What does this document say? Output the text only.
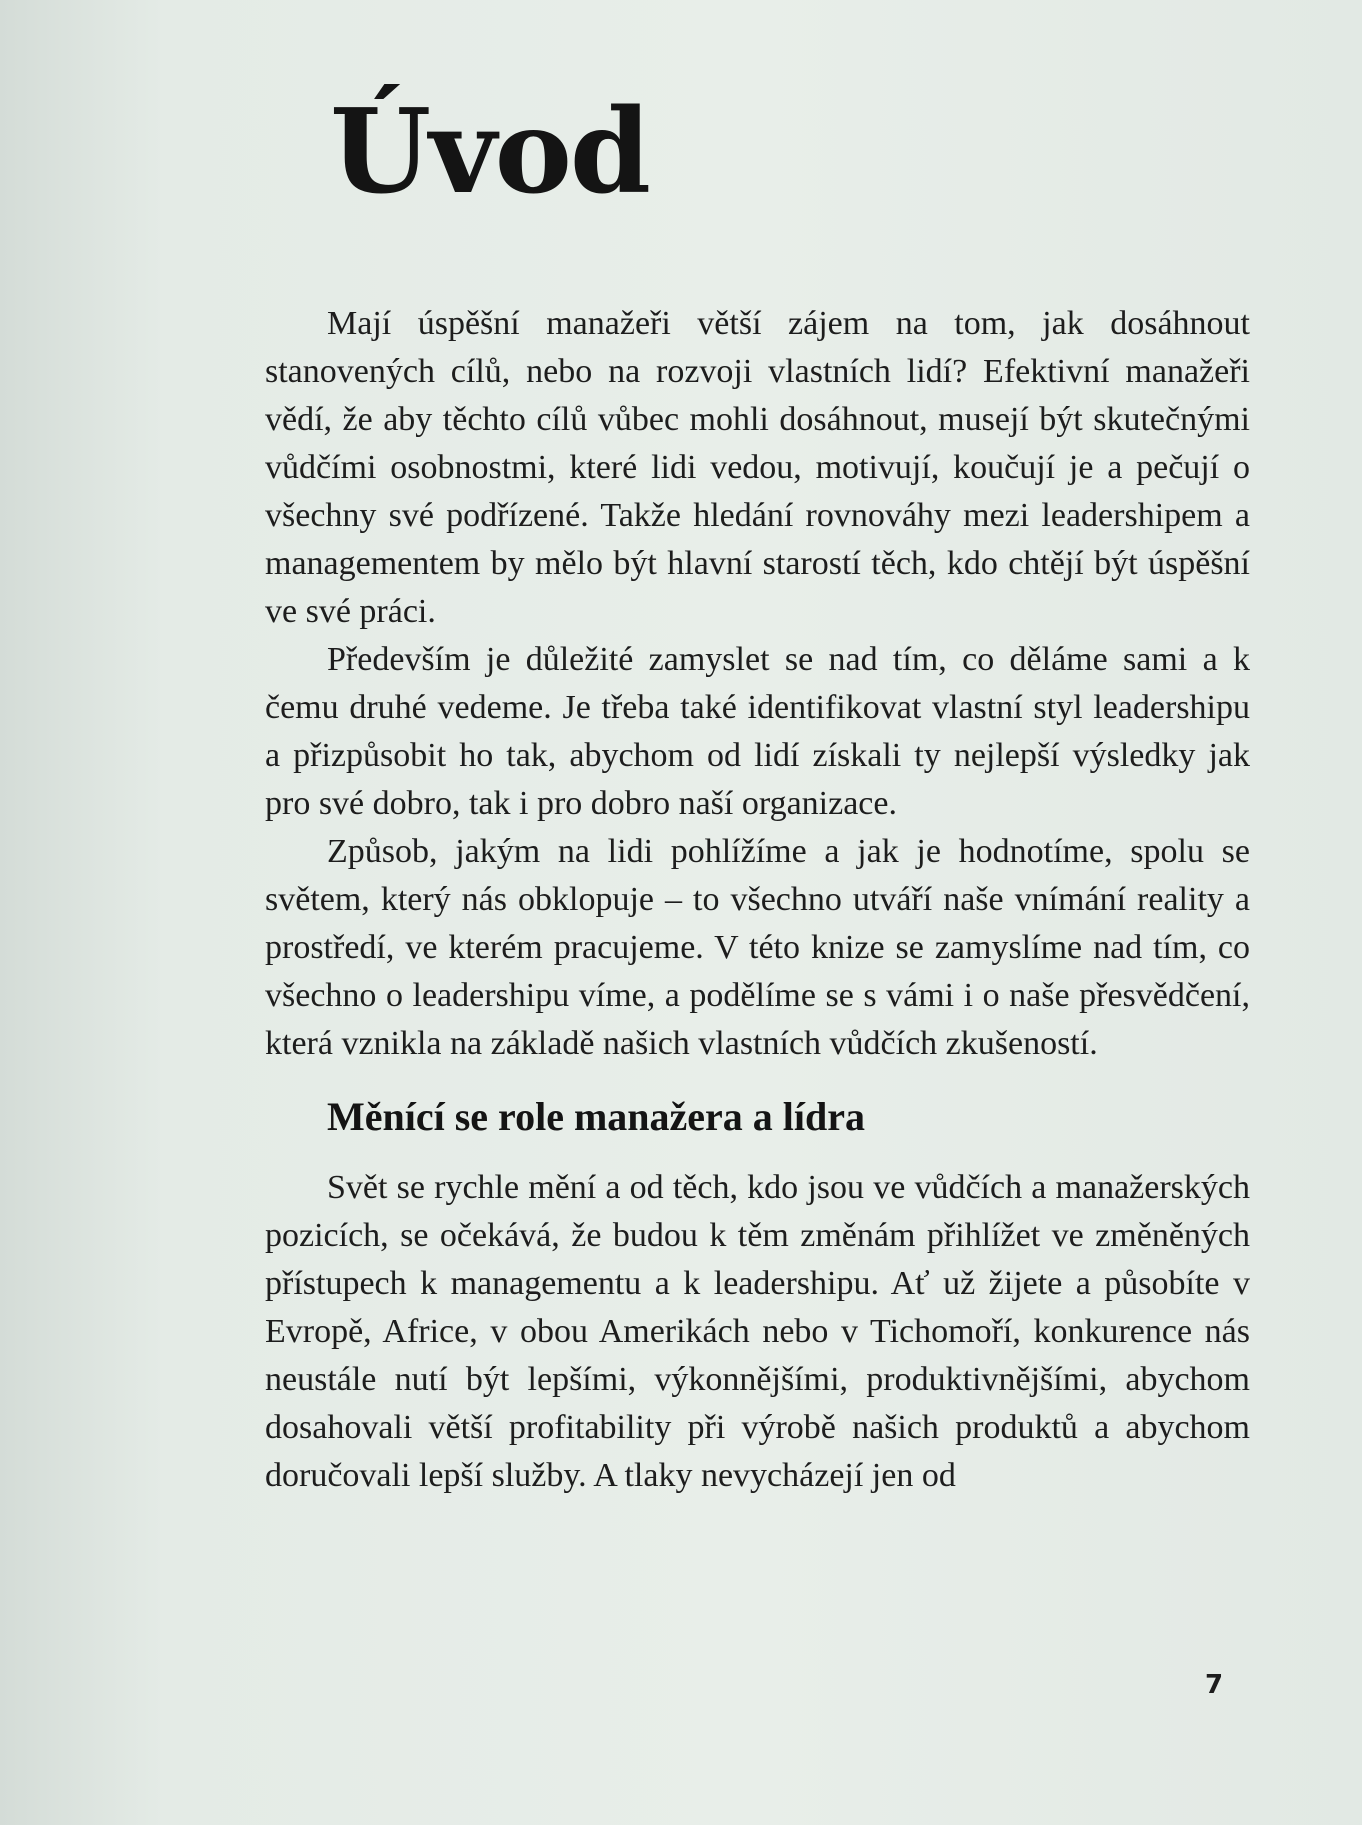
Úvod

Mají úspěšní manažeři větší zájem na tom, jak dosáhnout stanovených cílů, nebo na rozvoji vlastních lidí? Efektivní manažeři vědí, že aby těchto cílů vůbec mohli dosáhnout, musejí být skutečnými vůdčími osobnostmi, které lidi vedou, motivují, koučují je a pečují o všechny své podřízené. Takže hledání rovnováhy mezi leadershipem a managementem by mělo být hlavní starostí těch, kdo chtějí být úspěšní ve své práci.

Především je důležité zamyslet se nad tím, co děláme sami a k čemu druhé vedeme. Je třeba také identifikovat vlastní styl leadershipu a přizpůsobit ho tak, abychom od lidí získali ty nejlepší výsledky jak pro své dobro, tak i pro dobro naší organizace.

Způsob, jakým na lidi pohlížíme a jak je hodnotíme, spolu se světem, který nás obklopuje – to všechno utváří naše vnímání reality a prostředí, ve kterém pracujeme. V této knize se zamyslíme nad tím, co všechno o leadershipu víme, a podělíme se s vámi i o naše přesvědčení, která vznikla na základě našich vlastních vůdčích zkušeností.

Měnící se role manažera a lídra

Svět se rychle mění a od těch, kdo jsou ve vůdčích a manažerských pozicích, se očekává, že budou k těm změnám přihlížet ve změněných přístupech k managementu a k leadershipu. Ať už žijete a působíte v Evropě, Africe, v obou Amerikách nebo v Tichomoří, konkurence nás neustále nutí být lepšími, výkonnějšími, produktivnějšími, abychom dosahovali větší profitability při výrobě našich produktů a abychom doručovali lepší služby. A tlaky nevycházejí jen od

7
